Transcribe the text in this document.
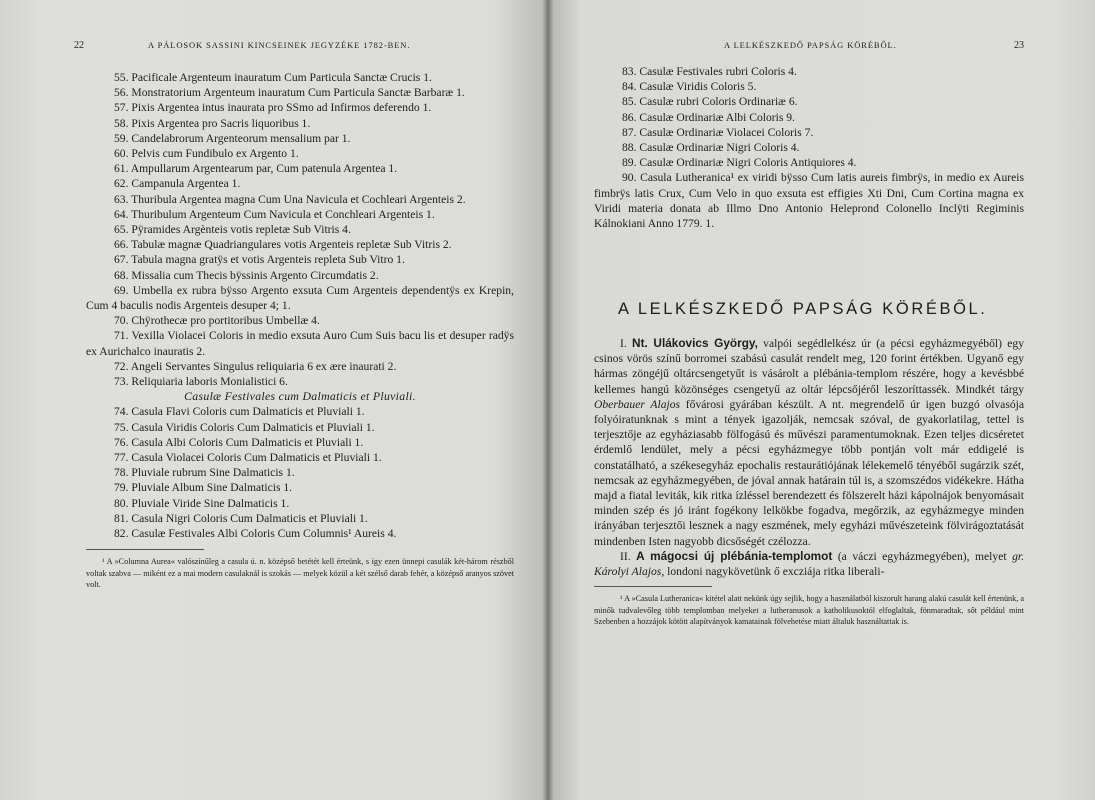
22	A PÁLOSOK SASSINI KINCSEINEK JEGYZÉKE 1782-BEN.

55. Pacificale Argenteum inauratum Cum Particula Sanctæ Crucis 1.

56. Monstratorium Argenteum inauratum Cum Particula Sanctæ Barbaræ 1.

57. Pixis Argentea intus inaurata pro SSmo ad Infirmos deferendo 1.

58. Pixis Argentea pro Sacris liquoribus 1.

59. Candelabrorum Argenteorum mensalium par 1.

60. Pelvis cum Fundibulo ex Argento 1.

61. Ampullarum Argentearum par, Cum patenula Argentea 1.

62. Campanula Argentea 1.

63. Thuribula Argentea magna Cum Una Navicula et Cochleari Argenteis 2.

64. Thuribulum Argenteum Cum Navicula et Conchleari Argenteis 1.

65. Pÿramides Argènteis votis repletæ Sub Vitris 4.

66. Tabulæ magnæ Quadriangulares votis Argenteis repletæ Sub Vitris 2.

67. Tabula magna gratÿs et votis Argenteis repleta Sub Vitro 1.

68. Missalia cum Thecis bÿssinis Argento Circumdatis 2.

69. Umbella ex rubra bÿsso Argento exsuta Cum Argenteis dependentÿs ex Krepin, Cum 4 baculis nodis Argenteis desuper 4; 1.

70. Chÿrothecæ pro portitoribus Umbellæ 4.

71. Vexilla Violacei Coloris in medio exsuta Auro Cum Suis bacu lis et desuper radÿs ex Aurichalco inauratis 2.

72. Angeli Servantes Singulus reliquiaria 6 ex ære inaurati 2.

73. Reliquiaria laboris Monialistici 6.

Casulæ Festivales cum Dalmaticis et Pluviali.

74. Casula Flavi Coloris cum Dalmaticis et Pluviali 1.

75. Casula Viridis Coloris Cum Dalmaticis et Pluviali 1.

76. Casula Albi Coloris Cum Dalmaticis et Pluviali 1.

77. Casula Violacei Coloris Cum Dalmaticis et Pluviali 1.

78. Pluviale rubrum Sine Dalmaticis 1.

79. Pluviale Album Sine Dalmaticis 1.

80. Pluviale Viride Sine Dalmaticis 1.

81. Casula Nigri Coloris Cum Dalmaticis et Pluviali 1.

82. Casulæ Festivales Albi Coloris Cum Columnis¹ Aureis 4.

¹ A »Columna Aurea« valószínűleg a casula ú. n. középső betétét kell érteünk, s így ezen ünnepi casulák két-három részből voltak szabva — miként ez a mai modern casulaknál is szokás — melyek közül a két szélső darab fehér, a középső aranyos szövet volt.

A LELKÉSZKEDŐ PAPSÁG KÖRÉBŐL.	23

83. Casulæ Festivales rubri Coloris 4.

84. Casulæ Viridis Coloris 5.

85. Casulæ rubri Coloris Ordinariæ 6.

86. Casulæ Ordinariæ Albi Coloris 9.

87. Casulæ Ordinariæ Violacei Coloris 7.

88. Casulæ Ordinariæ Nigri Coloris 4.

89. Casulæ Ordinariæ Nigri Coloris Antiquiores 4.

90. Casula Lutheranica¹ ex viridi bÿsso Cum latis aureis fimbrÿs, in medio ex Aureis fimbrÿs latis Crux, Cum Velo in quo exsuta est effigies Xti Dni, Cum Cortina magna ex Viridi materia donata ab Illmo Dno Antonio Heleprond Colonello Inclÿti Regiminis Kálnokiani Anno 1779. 1.

A LELKÉSZKEDŐ PAPSÁG KÖRÉBŐL.

I. Nt. Ulákovics György, valpói segédlelkész úr (a pécsi egyházmegyéből) egy csinos vörös színű borromei szabású casulát rendelt meg, 120 forint értékben. Ugyanő egy hármas zöngéjű oltárcsengetyűt is vásárolt a plébánia-templom részére, hogy a kevésbbé kellemes hangú közönséges csengetyű az oltár lépcsőjéről leszoríttassék. Mindkét tárgy Oberbauer Alajos fővárosi gyárában készült. A nt. megrendelő úr igen buzgó olvasója folyóiratunknak s mint a tények igazolják, nemcsak szóval, de gyakorlatilag, tettel is terjesztője az egyháziasabb fölfogású és művészi paramentumoknak. Ezen teljes dicséretet érdemlő lendület, mely a pécsi egyházmegye több pontján volt már eddigelé is constatálható, a székesegyház epochalis restaurátiójának lélekemelő tényéből sugárzik szét, nemcsak az egyházmegyében, de jóval annak határain túl is, a szomszédos vidékekre. Hátha majd a fiatal leviták, kik ritka ízléssel berendezett és fölszerelt házi kápolnájok benyomásait minden szép és jó iránt fogékony lelkökbe fogadva, megőrzik, az egyházmegye minden irányában terjesztői lesznek a nagy eszmének, mely egyházi művészeteink fölvirágoztatását mindenben Isten nagyobb dicsőségét czélozza.

II. A mágocsi új plébánia-templomot (a váczi egyházmegyében), melyet gr. Károlyi Alajos, londoni nagykövetünk ő excziája ritka liberali-

¹ A »Casula Lutheranica« kitétel alatt nekünk úgy sejlik, hogy a használatból kiszorult harang alakú casulát kell értenünk, a minők tudvalevőleg több templomban melyeket a lutheranusok a katholikusoktól elfoglaltak, fönmaradtak, sőt például mint Szebenben a hozzájok kötött alapítványok kamatainak fölvehetése miatt általuk használtattak is.
